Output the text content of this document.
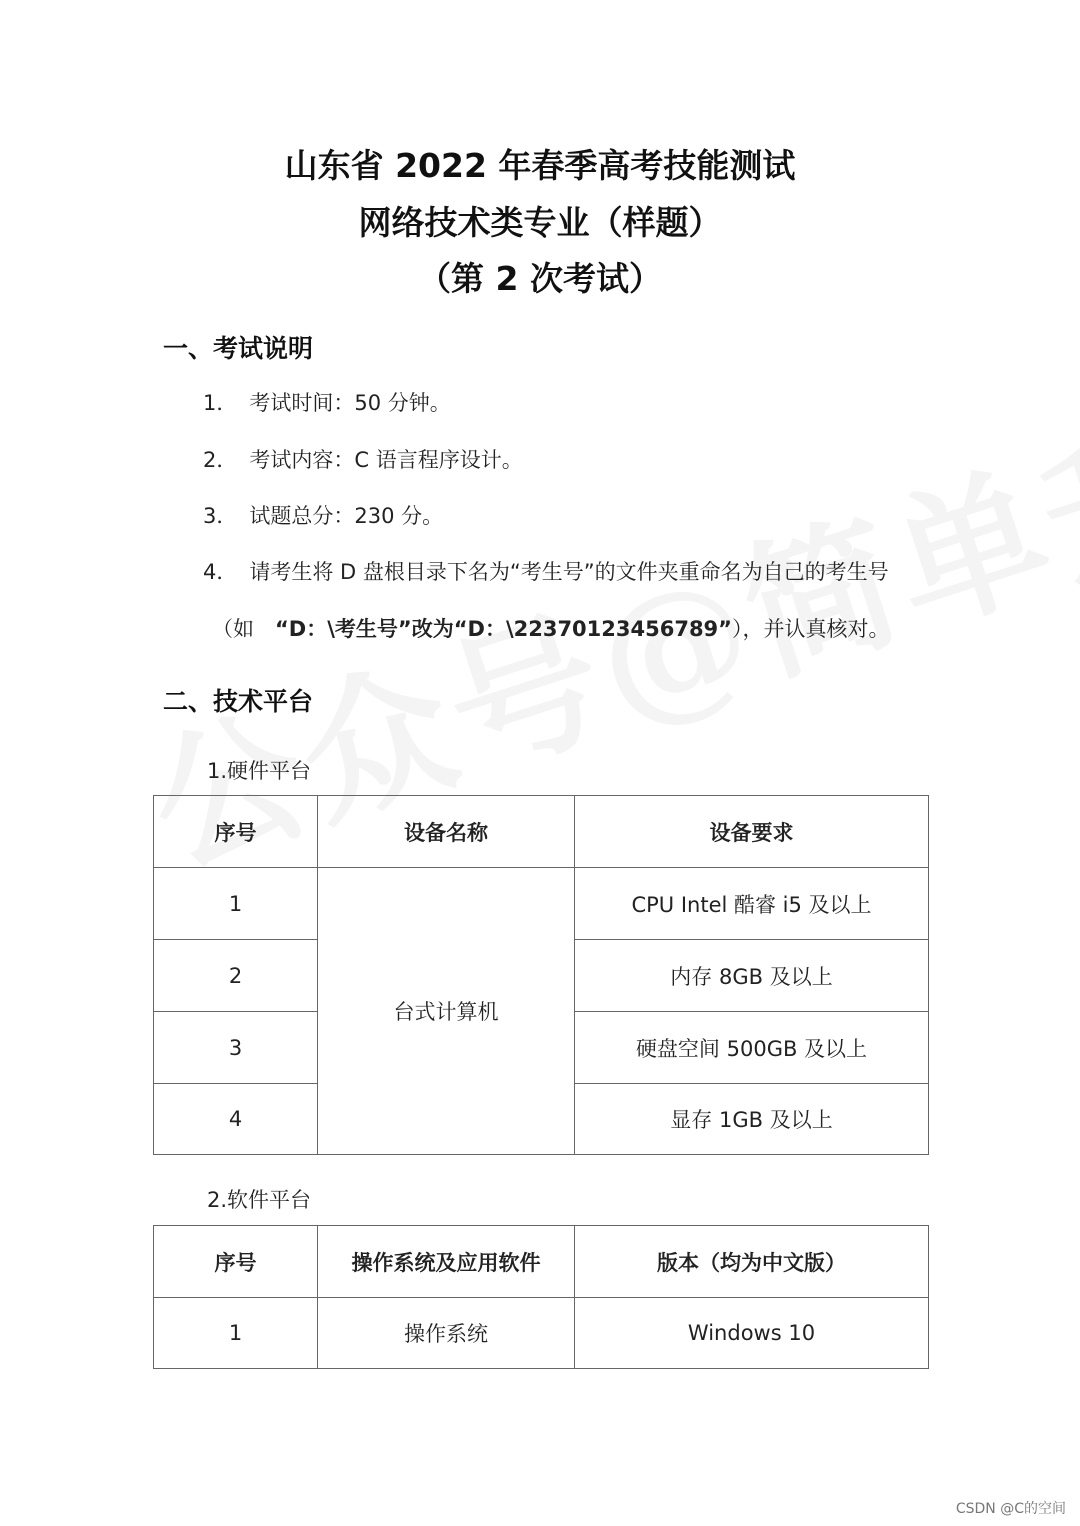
山东省 2022 年春季高考技能测试
网络技术类专业（样题）
（第 2 次考试）
一、考试说明
1． 考试时间：50 分钟。
2． 考试内容：C 语言程序设计。
3． 试题总分：230 分。
4． 请考生将 D 盘根目录下名为“考生号”的文件夹重命名为自己的考生号
（如　“D：\考生号”改为“D：\22370123456789”），并认真核对。
二、技术平台
1.硬件平台
序号	设备名称	设备要求
1	台式计算机	CPU Intel 酷睿 i5 及以上
2		内存 8GB 及以上
3		硬盘空间 500GB 及以上
4		显存 1GB 及以上
2.软件平台
序号	操作系统及应用软件	版本（均为中文版）
1	操作系统	Windows 10
CSDN @C的空间
